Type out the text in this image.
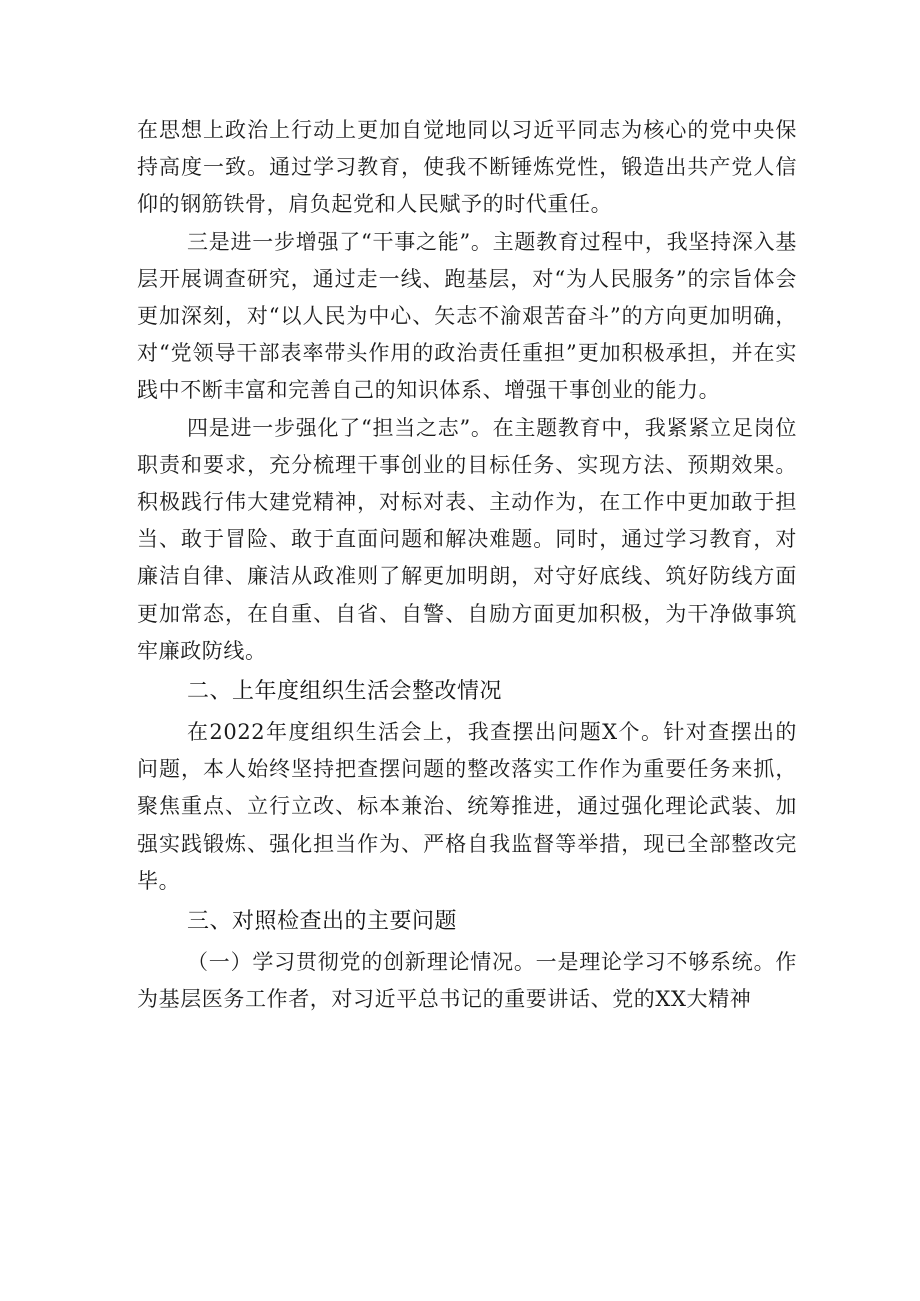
在思想上政治上行动上更加自觉地同以习近平同志为核心的党中央保持高度一致。通过学习教育，使我不断锤炼党性，锻造出共产党人信仰的钢筋铁骨，肩负起党和人民赋予的时代重任。

三是进一步增强了“干事之能”。主题教育过程中，我坚持深入基层开展调查研究，通过走一线、跑基层，对“为人民服务”的宗旨体会更加深刻，对“以人民为中心、矢志不渝艰苦奋斗”的方向更加明确，对“党领导干部表率带头作用的政治责任重担”更加积极承担，并在实践中不断丰富和完善自己的知识体系、增强干事创业的能力。

四是进一步强化了“担当之志”。在主题教育中，我紧紧立足岗位职责和要求，充分梳理干事创业的目标任务、实现方法、预期效果。积极践行伟大建党精神，对标对表、主动作为，在工作中更加敢于担当、敢于冒险、敢于直面问题和解决难题。同时，通过学习教育，对廉洁自律、廉洁从政准则了解更加明朗，对守好底线、筑好防线方面更加常态，在自重、自省、自警、自励方面更加积极，为干净做事筑牢廉政防线。

二、上年度组织生活会整改情况

在2022年度组织生活会上，我查摆出问题X个。针对查摆出的问题，本人始终坚持把查摆问题的整改落实工作作为重要任务来抓，聚焦重点、立行立改、标本兼治、统筹推进，通过强化理论武装、加强实践锻炼、强化担当作为、严格自我监督等举措，现已全部整改完毕。

三、对照检查出的主要问题

（一）学习贯彻党的创新理论情况。一是理论学习不够系统。作为基层医务工作者，对习近平总书记的重要讲话、党的XX大精神
